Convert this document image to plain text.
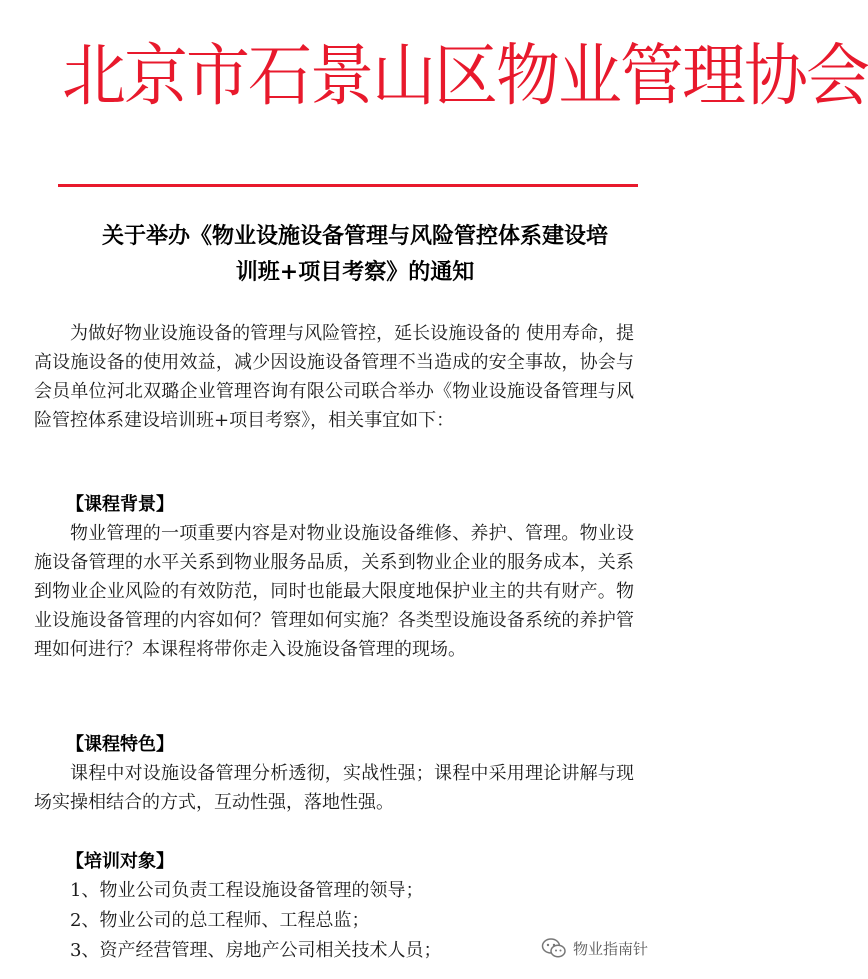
北京市石景山区物业管理协会
关于举办《物业设施设备管理与风险管控体系建设培
训班+项目考察》的通知

为做好物业设施设备的管理与风险管控，延长设施设备的 使用寿命，提高设施设备的使用效益，减少因设施设备管理不当造成的安全事故，协会与会员单位河北双璐企业管理咨询有限公司联合举办《物业设施设备管理与风险管控体系建设培训班+项目考察》，相关事宜如下：

【课程背景】

物业管理的一项重要内容是对物业设施设备维修、养护、管理。物业设施设备管理的水平关系到物业服务品质，关系到物业企业的服务成本，关系到物业企业风险的有效防范，同时也能最大限度地保护业主的共有财产。物业设施设备管理的内容如何？管理如何实施？各类型设施设备系统的养护管理如何进行？本课程将带你走入设施设备管理的现场。

【课程特色】

课程中对设施设备管理分析透彻，实战性强；课程中采用理论讲解与现场实操相结合的方式，互动性强，落地性强。

【培训对象】

1、物业公司负责工程设施设备管理的领导；
2、物业公司的总工程师、工程总监；
3、资产经营管理、房地产公司相关技术人员；	物业指南针
